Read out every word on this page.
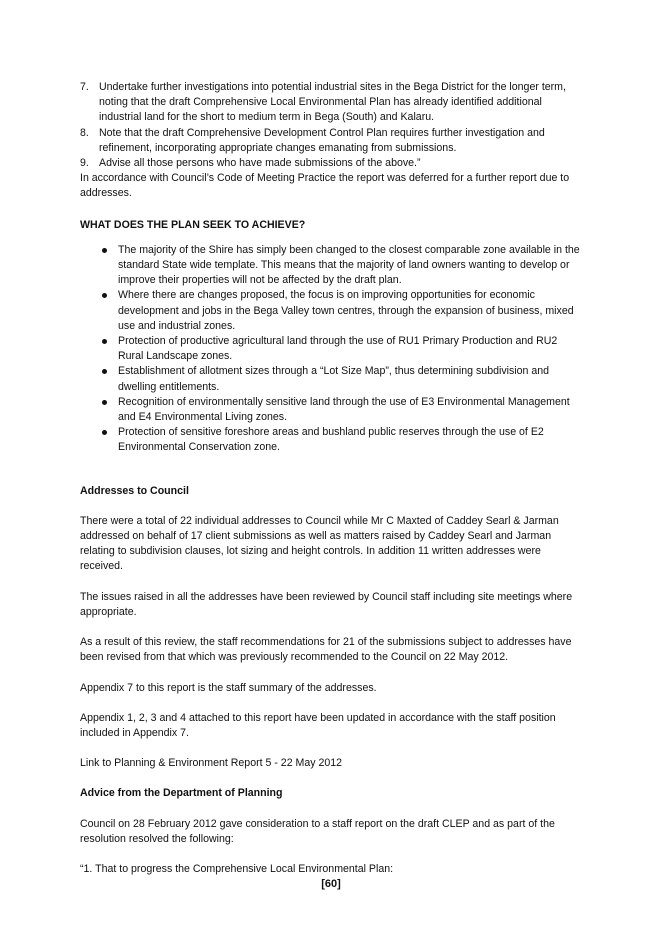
7. Undertake further investigations into potential industrial sites in the Bega District for the longer term, noting that the draft Comprehensive Local Environmental Plan has already identified additional industrial land for the short to medium term in Bega (South) and Kalaru.
8. Note that the draft Comprehensive Development Control Plan requires further investigation and refinement, incorporating appropriate changes emanating from submissions.
9. Advise all those persons who have made submissions of the above.”

In accordance with Council’s Code of Meeting Practice the report was deferred for a further report due to addresses.

WHAT DOES THE PLAN SEEK TO ACHIEVE?

The majority of the Shire has simply been changed to the closest comparable zone available in the standard State wide template. This means that the majority of land owners wanting to develop or improve their properties will not be affected by the draft plan.
Where there are changes proposed, the focus is on improving opportunities for economic development and jobs in the Bega Valley town centres, through the expansion of business, mixed use and industrial zones.
Protection of productive agricultural land through the use of RU1 Primary Production and RU2 Rural Landscape zones.
Establishment of allotment sizes through a “Lot Size Map”, thus determining subdivision and dwelling entitlements.
Recognition of environmentally sensitive land through the use of E3 Environmental Management and E4 Environmental Living zones.
Protection of sensitive foreshore areas and bushland public reserves through the use of E2 Environmental Conservation zone.

Addresses to Council

There were a total of 22 individual addresses to Council while Mr C Maxted of Caddey Searl & Jarman addressed on behalf of 17 client submissions as well as matters raised by Caddey Searl and Jarman relating to subdivision clauses, lot sizing and height controls. In addition 11 written addresses were received.

The issues raised in all the addresses have been reviewed by Council staff including site meetings where appropriate.

As a result of this review, the staff recommendations for 21 of the submissions subject to addresses have been revised from that which was previously recommended to the Council on 22 May 2012.

Appendix 7 to this report is the staff summary of the addresses.

Appendix 1, 2, 3 and 4 attached to this report have been updated in accordance with the staff position included in Appendix 7.

Link to Planning & Environment Report 5 - 22 May 2012

Advice from the Department of Planning

Council on 28 February 2012 gave consideration to a staff report on the draft CLEP and as part of the resolution resolved the following:

“1. That to progress the Comprehensive Local Environmental Plan:

[60]
